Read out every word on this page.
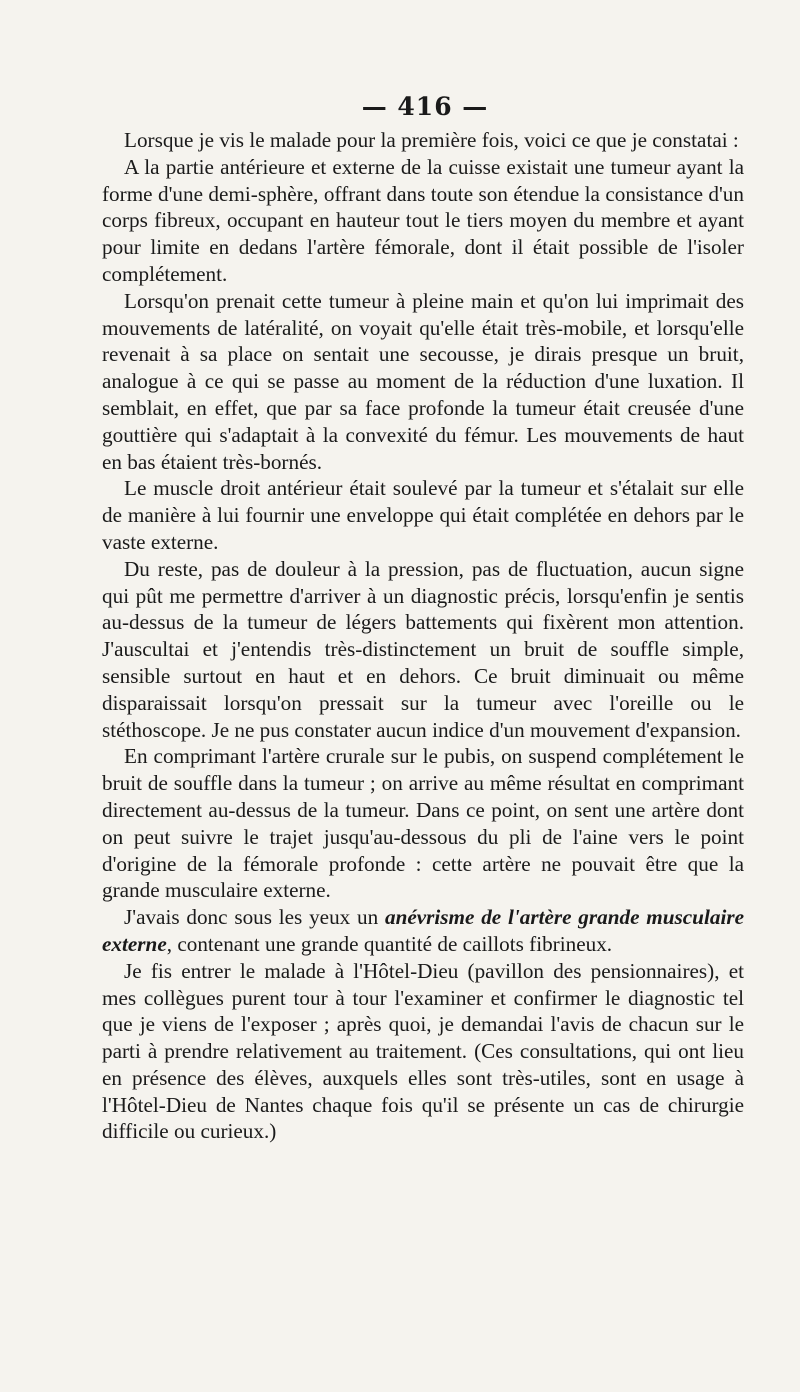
— 416 —

Lorsque je vis le malade pour la première fois, voici ce que je constatai :

A la partie antérieure et externe de la cuisse existait une tumeur ayant la forme d'une demi-sphère, offrant dans toute son étendue la consistance d'un corps fibreux, occupant en hauteur tout le tiers moyen du membre et ayant pour limite en dedans l'artère fémorale, dont il était possible de l'isoler complétement.

Lorsqu'on prenait cette tumeur à pleine main et qu'on lui imprimait des mouvements de latéralité, on voyait qu'elle était très-mobile, et lorsqu'elle revenait à sa place on sentait une secousse, je dirais presque un bruit, analogue à ce qui se passe au moment de la réduction d'une luxation. Il semblait, en effet, que par sa face profonde la tumeur était creusée d'une gouttière qui s'adaptait à la convexité du fémur. Les mouvements de haut en bas étaient très-bornés.

Le muscle droit antérieur était soulevé par la tumeur et s'étalait sur elle de manière à lui fournir une enveloppe qui était complétée en dehors par le vaste externe.

Du reste, pas de douleur à la pression, pas de fluctuation, aucun signe qui pût me permettre d'arriver à un diagnostic précis, lorsqu'enfin je sentis au-dessus de la tumeur de légers battements qui fixèrent mon attention. J'auscultai et j'entendis très-distinctement un bruit de souffle simple, sensible surtout en haut et en dehors. Ce bruit diminuait ou même disparaissait lorsqu'on pressait sur la tumeur avec l'oreille ou le stéthoscope. Je ne pus constater aucun indice d'un mouvement d'expansion.

En comprimant l'artère crurale sur le pubis, on suspend complétement le bruit de souffle dans la tumeur ; on arrive au même résultat en comprimant directement au-dessus de la tumeur. Dans ce point, on sent une artère dont on peut suivre le trajet jusqu'au-dessous du pli de l'aine vers le point d'origine de la fémorale profonde : cette artère ne pouvait être que la grande musculaire externe.

J'avais donc sous les yeux un anévrisme de l'artère grande musculaire externe, contenant une grande quantité de caillots fibrineux.

Je fis entrer le malade à l'Hôtel-Dieu (pavillon des pensionnaires), et mes collègues purent tour à tour l'examiner et confirmer le diagnostic tel que je viens de l'exposer ; après quoi, je demandai l'avis de chacun sur le parti à prendre relativement au traitement. (Ces consultations, qui ont lieu en présence des élèves, auxquels elles sont très-utiles, sont en usage à l'Hôtel-Dieu de Nantes chaque fois qu'il se présente un cas de chirurgie difficile ou curieux.)
